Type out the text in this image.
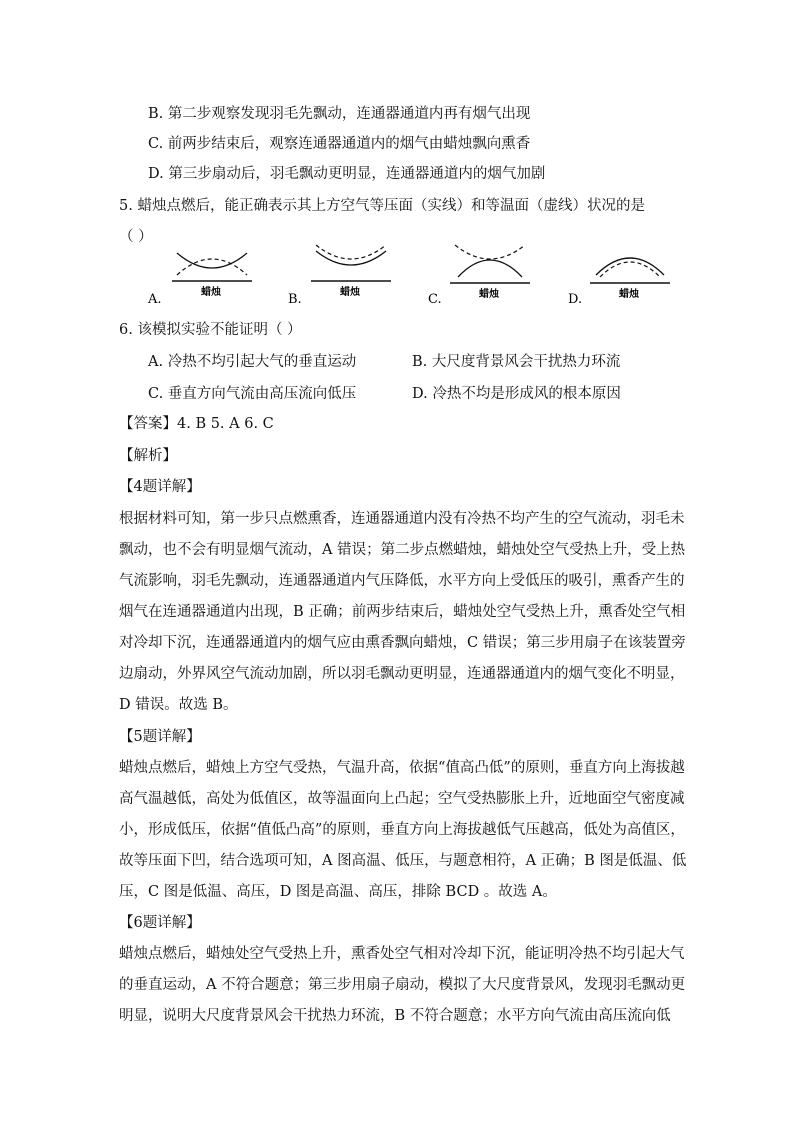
B. 第二步观察发现羽毛先飘动，连通器通道内再有烟气出现
C. 前两步结束后，观察连通器通道内的烟气由蜡烛飘向熏香
D. 第三步扇动后，羽毛飘动更明显，连通器通道内的烟气加剧
5. 蜡烛点燃后，能正确表示其上方空气等压面（实线）和等温面（虚线）状况的是
（ ）
A.	蜡烛	B.	蜡烛	C.	蜡烛	D.	蜡烛
6. 该模拟实验不能证明（ ）
A. 冷热不均引起大气的垂直运动	B. 大尺度背景风会干扰热力环流
C. 垂直方向气流由高压流向低压	D. 冷热不均是形成风的根本原因
【答案】4. B 5. A 6. C
【解析】
【4题详解】
根据材料可知，第一步只点燃熏香，连通器通道内没有冷热不均产生的空气流动，羽毛未
飘动，也不会有明显烟气流动，A 错误；第二步点燃蜡烛，蜡烛处空气受热上升，受上热
气流影响，羽毛先飘动，连通器通道内气压降低，水平方向上受低压的吸引，熏香产生的
烟气在连通器通道内出现，B 正确；前两步结束后，蜡烛处空气受热上升，熏香处空气相
对冷却下沉，连通器通道内的烟气应由熏香飘向蜡烛，C 错误；第三步用扇子在该装置旁
边扇动，外界风空气流动加剧，所以羽毛飘动更明显，连通器通道内的烟气变化不明显，
D 错误。故选 B。
【5题详解】
蜡烛点燃后，蜡烛上方空气受热，气温升高，依据“值高凸低”的原则，垂直方向上海拔越
高气温越低，高处为低值区，故等温面向上凸起；空气受热膨胀上升，近地面空气密度减
小，形成低压，依据“值低凸高”的原则，垂直方向上海拔越低气压越高，低处为高值区，
故等压面下凹，结合选项可知，A 图高温、低压，与题意相符，A 正确；B 图是低温、低
压，C 图是低温、高压，D 图是高温、高压，排除 BCD 。故选 A。
【6题详解】
蜡烛点燃后，蜡烛处空气受热上升，熏香处空气相对冷却下沉，能证明冷热不均引起大气
的垂直运动，A 不符合题意；第三步用扇子扇动，模拟了大尺度背景风，发现羽毛飘动更
明显，说明大尺度背景风会干扰热力环流，B 不符合题意；水平方向气流由高压流向低
